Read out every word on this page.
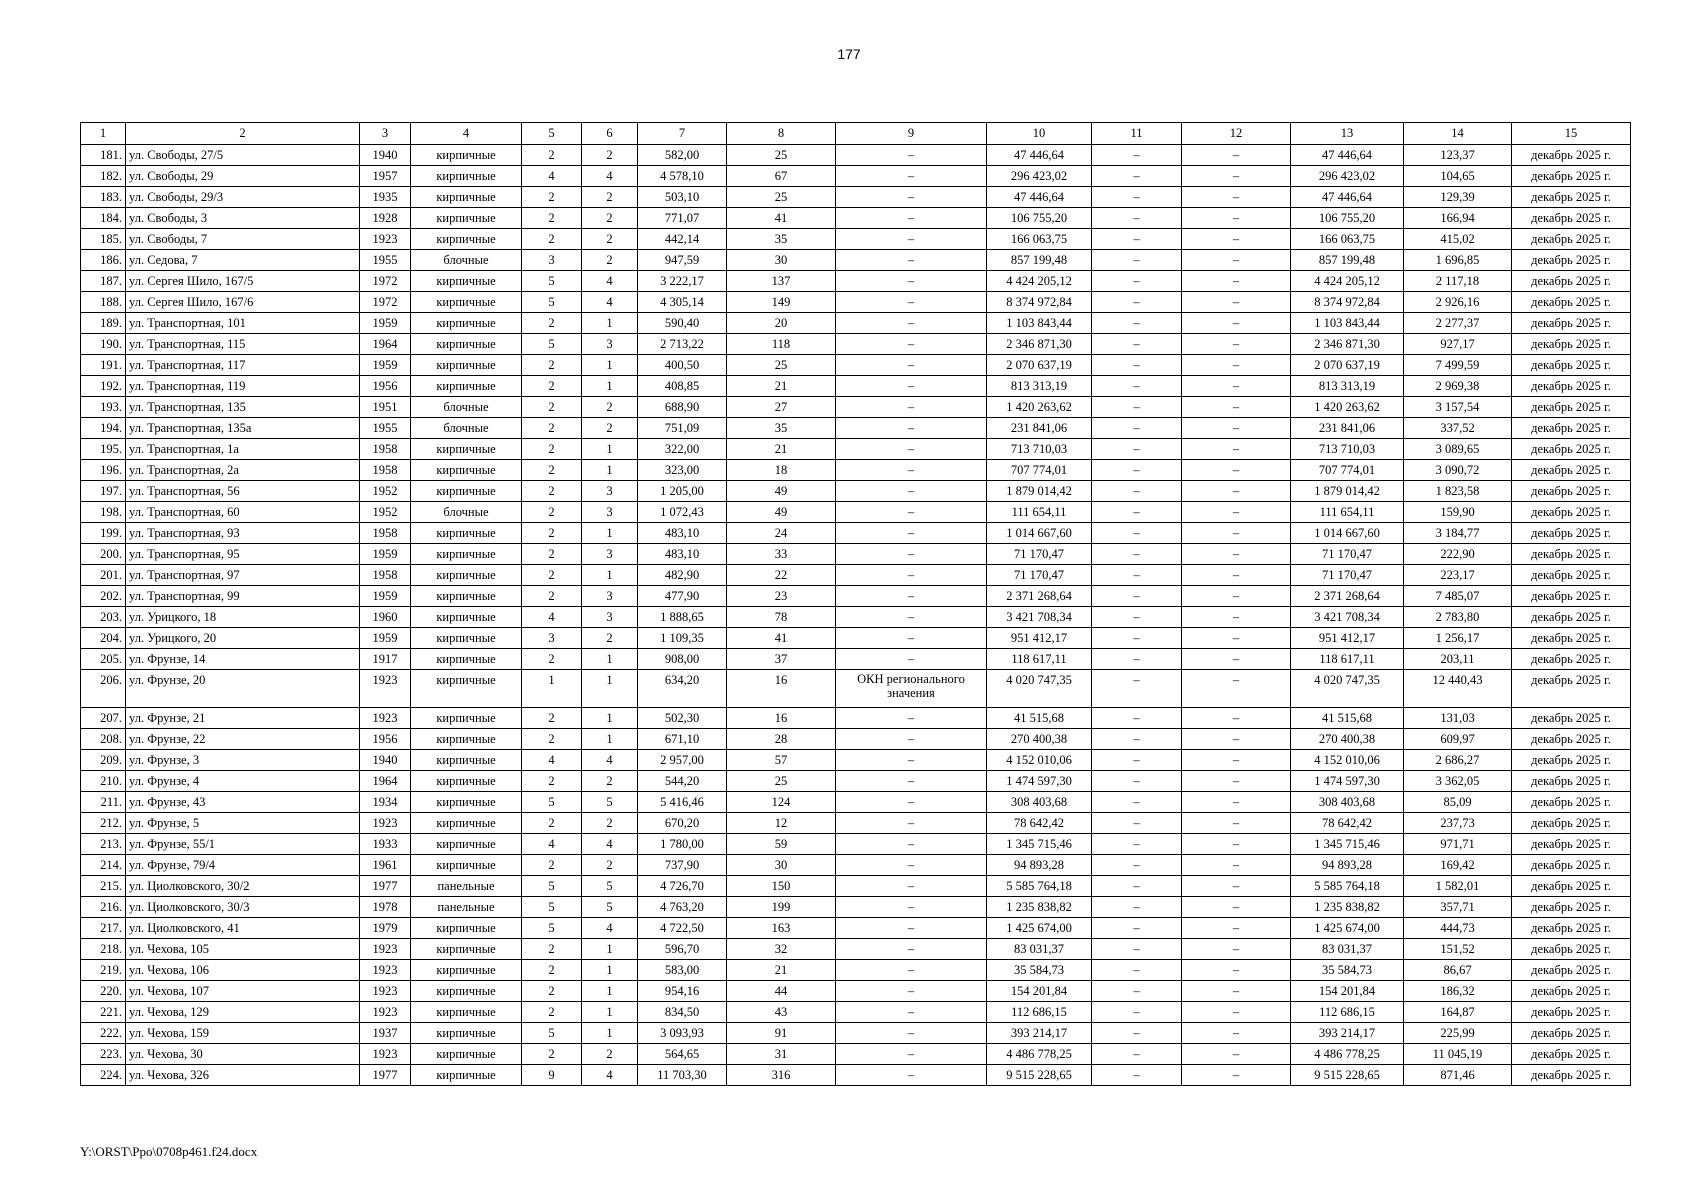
177
1	2	3	4	5	6	7	8	9	10	11	12	13	14	15
181.	ул. Свободы, 27/5	1940	кирпичные	2	2	582,00	25	–	47 446,64	–	–	47 446,64	123,37	декабрь 2025 г.
182.	ул. Свободы, 29	1957	кирпичные	4	4	4 578,10	67	–	296 423,02	–	–	296 423,02	104,65	декабрь 2025 г.
183.	ул. Свободы, 29/3	1935	кирпичные	2	2	503,10	25	–	47 446,64	–	–	47 446,64	129,39	декабрь 2025 г.
184.	ул. Свободы, 3	1928	кирпичные	2	2	771,07	41	–	106 755,20	–	–	106 755,20	166,94	декабрь 2025 г.
185.	ул. Свободы, 7	1923	кирпичные	2	2	442,14	35	–	166 063,75	–	–	166 063,75	415,02	декабрь 2025 г.
186.	ул. Седова, 7	1955	блочные	3	2	947,59	30	–	857 199,48	–	–	857 199,48	1 696,85	декабрь 2025 г.
187.	ул. Сергея Шило, 167/5	1972	кирпичные	5	4	3 222,17	137	–	4 424 205,12	–	–	4 424 205,12	2 117,18	декабрь 2025 г.
188.	ул. Сергея Шило, 167/6	1972	кирпичные	5	4	4 305,14	149	–	8 374 972,84	–	–	8 374 972,84	2 926,16	декабрь 2025 г.
189.	ул. Транспортная, 101	1959	кирпичные	2	1	590,40	20	–	1 103 843,44	–	–	1 103 843,44	2 277,37	декабрь 2025 г.
190.	ул. Транспортная, 115	1964	кирпичные	5	3	2 713,22	118	–	2 346 871,30	–	–	2 346 871,30	927,17	декабрь 2025 г.
191.	ул. Транспортная, 117	1959	кирпичные	2	1	400,50	25	–	2 070 637,19	–	–	2 070 637,19	7 499,59	декабрь 2025 г.
192.	ул. Транспортная, 119	1956	кирпичные	2	1	408,85	21	–	813 313,19	–	–	813 313,19	2 969,38	декабрь 2025 г.
193.	ул. Транспортная, 135	1951	блочные	2	2	688,90	27	–	1 420 263,62	–	–	1 420 263,62	3 157,54	декабрь 2025 г.
194.	ул. Транспортная, 135а	1955	блочные	2	2	751,09	35	–	231 841,06	–	–	231 841,06	337,52	декабрь 2025 г.
195.	ул. Транспортная, 1а	1958	кирпичные	2	1	322,00	21	–	713 710,03	–	–	713 710,03	3 089,65	декабрь 2025 г.
196.	ул. Транспортная, 2а	1958	кирпичные	2	1	323,00	18	–	707 774,01	–	–	707 774,01	3 090,72	декабрь 2025 г.
197.	ул. Транспортная, 56	1952	кирпичные	2	3	1 205,00	49	–	1 879 014,42	–	–	1 879 014,42	1 823,58	декабрь 2025 г.
198.	ул. Транспортная, 60	1952	блочные	2	3	1 072,43	49	–	111 654,11	–	–	111 654,11	159,90	декабрь 2025 г.
199.	ул. Транспортная, 93	1958	кирпичные	2	1	483,10	24	–	1 014 667,60	–	–	1 014 667,60	3 184,77	декабрь 2025 г.
200.	ул. Транспортная, 95	1959	кирпичные	2	3	483,10	33	–	71 170,47	–	–	71 170,47	222,90	декабрь 2025 г.
201.	ул. Транспортная, 97	1958	кирпичные	2	1	482,90	22	–	71 170,47	–	–	71 170,47	223,17	декабрь 2025 г.
202.	ул. Транспортная, 99	1959	кирпичные	2	3	477,90	23	–	2 371 268,64	–	–	2 371 268,64	7 485,07	декабрь 2025 г.
203.	ул. Урицкого, 18	1960	кирпичные	4	3	1 888,65	78	–	3 421 708,34	–	–	3 421 708,34	2 783,80	декабрь 2025 г.
204.	ул. Урицкого, 20	1959	кирпичные	3	2	1 109,35	41	–	951 412,17	–	–	951 412,17	1 256,17	декабрь 2025 г.
205.	ул. Фрунзе, 14	1917	кирпичные	2	1	908,00	37	–	118 617,11	–	–	118 617,11	203,11	декабрь 2025 г.
206.	ул. Фрунзе, 20	1923	кирпичные	1	1	634,20	16	ОКН регионального значения	4 020 747,35	–	–	4 020 747,35	12 440,43	декабрь 2025 г.
207.	ул. Фрунзе, 21	1923	кирпичные	2	1	502,30	16	–	41 515,68	–	–	41 515,68	131,03	декабрь 2025 г.
208.	ул. Фрунзе, 22	1956	кирпичные	2	1	671,10	28	–	270 400,38	–	–	270 400,38	609,97	декабрь 2025 г.
209.	ул. Фрунзе, 3	1940	кирпичные	4	4	2 957,00	57	–	4 152 010,06	–	–	4 152 010,06	2 686,27	декабрь 2025 г.
210.	ул. Фрунзе, 4	1964	кирпичные	2	2	544,20	25	–	1 474 597,30	–	–	1 474 597,30	3 362,05	декабрь 2025 г.
211.	ул. Фрунзе, 43	1934	кирпичные	5	5	5 416,46	124	–	308 403,68	–	–	308 403,68	85,09	декабрь 2025 г.
212.	ул. Фрунзе, 5	1923	кирпичные	2	2	670,20	12	–	78 642,42	–	–	78 642,42	237,73	декабрь 2025 г.
213.	ул. Фрунзе, 55/1	1933	кирпичные	4	4	1 780,00	59	–	1 345 715,46	–	–	1 345 715,46	971,71	декабрь 2025 г.
214.	ул. Фрунзе, 79/4	1961	кирпичные	2	2	737,90	30	–	94 893,28	–	–	94 893,28	169,42	декабрь 2025 г.
215.	ул. Циолковского, 30/2	1977	панельные	5	5	4 726,70	150	–	5 585 764,18	–	–	5 585 764,18	1 582,01	декабрь 2025 г.
216.	ул. Циолковского, 30/3	1978	панельные	5	5	4 763,20	199	–	1 235 838,82	–	–	1 235 838,82	357,71	декабрь 2025 г.
217.	ул. Циолковского, 41	1979	кирпичные	5	4	4 722,50	163	–	1 425 674,00	–	–	1 425 674,00	444,73	декабрь 2025 г.
218.	ул. Чехова, 105	1923	кирпичные	2	1	596,70	32	–	83 031,37	–	–	83 031,37	151,52	декабрь 2025 г.
219.	ул. Чехова, 106	1923	кирпичные	2	1	583,00	21	–	35 584,73	–	–	35 584,73	86,67	декабрь 2025 г.
220.	ул. Чехова, 107	1923	кирпичные	2	1	954,16	44	–	154 201,84	–	–	154 201,84	186,32	декабрь 2025 г.
221.	ул. Чехова, 129	1923	кирпичные	2	1	834,50	43	–	112 686,15	–	–	112 686,15	164,87	декабрь 2025 г.
222.	ул. Чехова, 159	1937	кирпичные	5	1	3 093,93	91	–	393 214,17	–	–	393 214,17	225,99	декабрь 2025 г.
223.	ул. Чехова, 30	1923	кирпичные	2	2	564,65	31	–	4 486 778,25	–	–	4 486 778,25	11 045,19	декабрь 2025 г.
224.	ул. Чехова, 326	1977	кирпичные	9	4	11 703,30	316	–	9 515 228,65	–	–	9 515 228,65	871,46	декабрь 2025 г.
Y:\ORST\Ppo\0708p461.f24.docx
